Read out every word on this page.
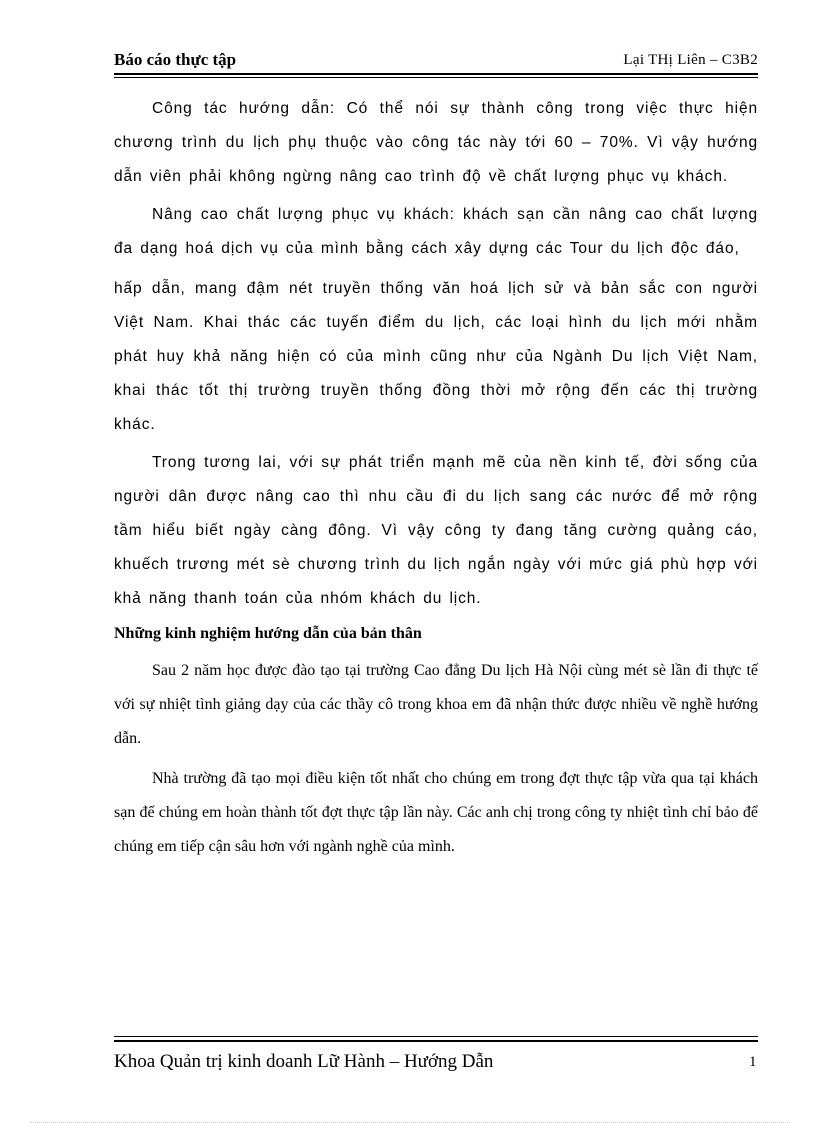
Báo cáo thực tập	Lại THị Liên – C3B2

Công tác hướng dẫn: Có thể nói sự thành công trong việc thực hiện chương trình du lịch phụ thuộc vào công tác này tới 60 – 70%. Vì vậy hướng dẫn viên phải không ngừng nâng cao trình độ về chất lượng phục vụ khách.

Nâng cao chất lượng phục vụ khách: khách sạn cần nâng cao chất lượng đa dạng hoá dịch vụ của mình bằng cách xây dựng các Tour du lịch độc đáo,

hấp dẫn, mang đậm nét truyền thống văn hoá lịch sử và bản sắc con người Việt Nam. Khai thác các tuyến điểm du lịch, các loại hình du lịch mới nhằm phát huy khả năng hiện có của mình cũng như của Ngành Du lịch Việt Nam, khai thác tốt thị trường truyền thống đồng thời mở rộng đến các thị trường khác.

Trong tương lai, với sự phát triển mạnh mẽ của nền kinh tế, đời sống của người dân được nâng cao thì nhu cầu đi du lịch sang các nước để mở rộng tầm hiểu biết ngày càng đông. Vì vậy công ty đang tăng cường quảng cáo, khuếch trương mét sè chương trình du lịch ngắn ngày với mức giá phù hợp với khả năng thanh toán của nhóm khách du lịch.

Những kinh nghiệm hướng dẫn của bản thân

Sau 2 năm học được đào tạo tại trường Cao đẳng Du lịch Hà Nội cùng mét sè lần đi thực tế với sự nhiệt tình giảng dạy của các thầy cô trong khoa em đã nhận thức được nhiều về nghề hướng dẫn.

Nhà trường đã tạo mọi điều kiện tốt nhất cho chúng em trong đợt thực tập vừa qua tại khách sạn để chúng em hoàn thành tốt đợt thực tập lần này. Các anh chị trong công ty nhiệt tình chỉ bảo để chúng em tiếp cận sâu hơn với ngành nghề của mình.

Khoa Quản trị kinh doanh Lữ Hành – Hướng Dẫn	1
